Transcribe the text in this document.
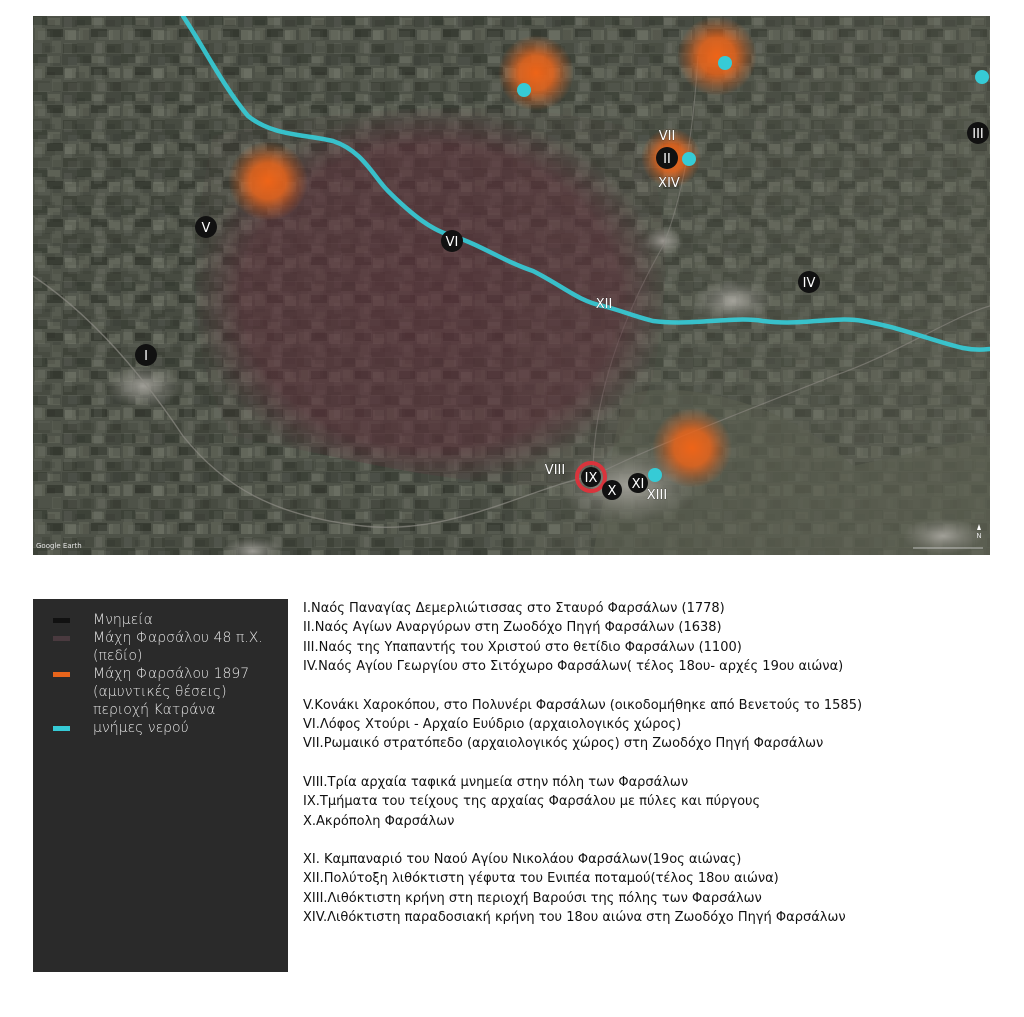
I
II
III
IV
V
VI
IX
X XI
VII
XIV
XII
VIII
XIII
Google Earth
N
Μνημεία
Μάχη Φαρσάλου 48 π.Χ. (πεδίο)
Μάχη Φαρσάλου 1897 (αμυντικές θέσεις) περιοχή Κατράνα
μνήμες νερού
I.Ναός Παναγίας Δεμερλιώτισσας στο Σταυρό Φαρσάλων (1778)
II.Ναός Αγίων Αναργύρων στη Ζωοδόχο Πηγή Φαρσάλων (1638)
III.Ναός της Υπαπαντής του Χριστού στο θετίδιο Φαρσάλων (1100)
IV.Ναός Αγίου Γεωργίου στο Σιτόχωρο Φαρσάλων( τέλος 18ου- αρχές 19ου αιώνα)
V.Κονάκι Χαροκόπου, στο Πολυνέρι Φαρσάλων (οικοδομήθηκε από Βενετούς το 1585)
VI.Λόφος Χτούρι - Αρχαίο Ευύδριο (αρχαιολογικός χώρος)
VII.Ρωμαικό στρατόπεδο (αρχαιολογικός χώρος) στη Ζωοδόχο Πηγή Φαρσάλων
VIII.Τρία αρχαία ταφικά μνημεία στην πόλη των Φαρσάλων
IX.Τμήματα του τείχους της αρχαίας Φαρσάλου με πύλες και πύργους
X.Ακρόπολη Φαρσάλων
XI. Καμπαναριό του Ναού Αγίου Νικολάου Φαρσάλων(19ος αιώνας)
XII.Πολύτοξη λιθόκτιστη γέφυτα του Ενιπέα ποταμού(τέλος 18ου αιώνα)
XIII.Λιθόκτιστη κρήνη στη περιοχή Βαρούσι της πόλης των Φαρσάλων
XIV.Λιθόκτιστη παραδοσιακή κρήνη του 18ου αιώνα στη Ζωοδόχο Πηγή Φαρσάλων
